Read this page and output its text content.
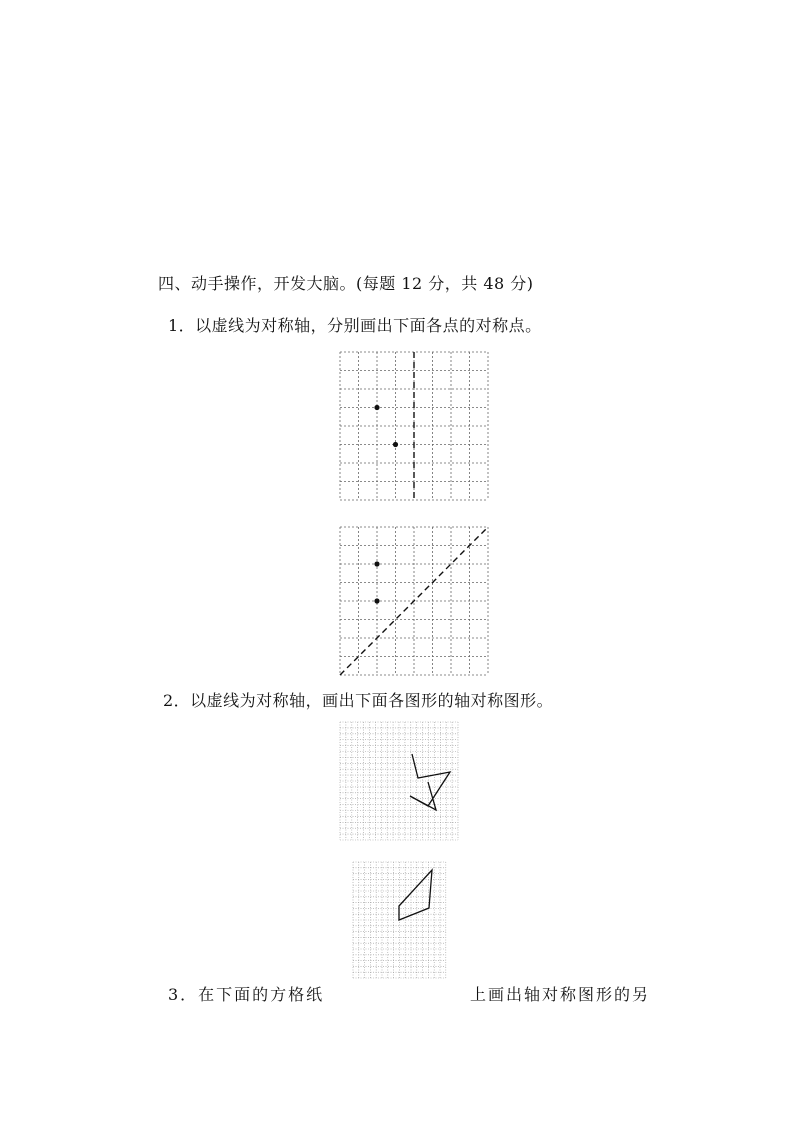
四、动手操作，开发大脑。(每题 12 分，共 48 分)
1．以虚线为对称轴，分别画出下面各点的对称点。
2．以虚线为对称轴，画出下面各图形的轴对称图形。
3．在下面的方格纸	上画出轴对称图形的另
